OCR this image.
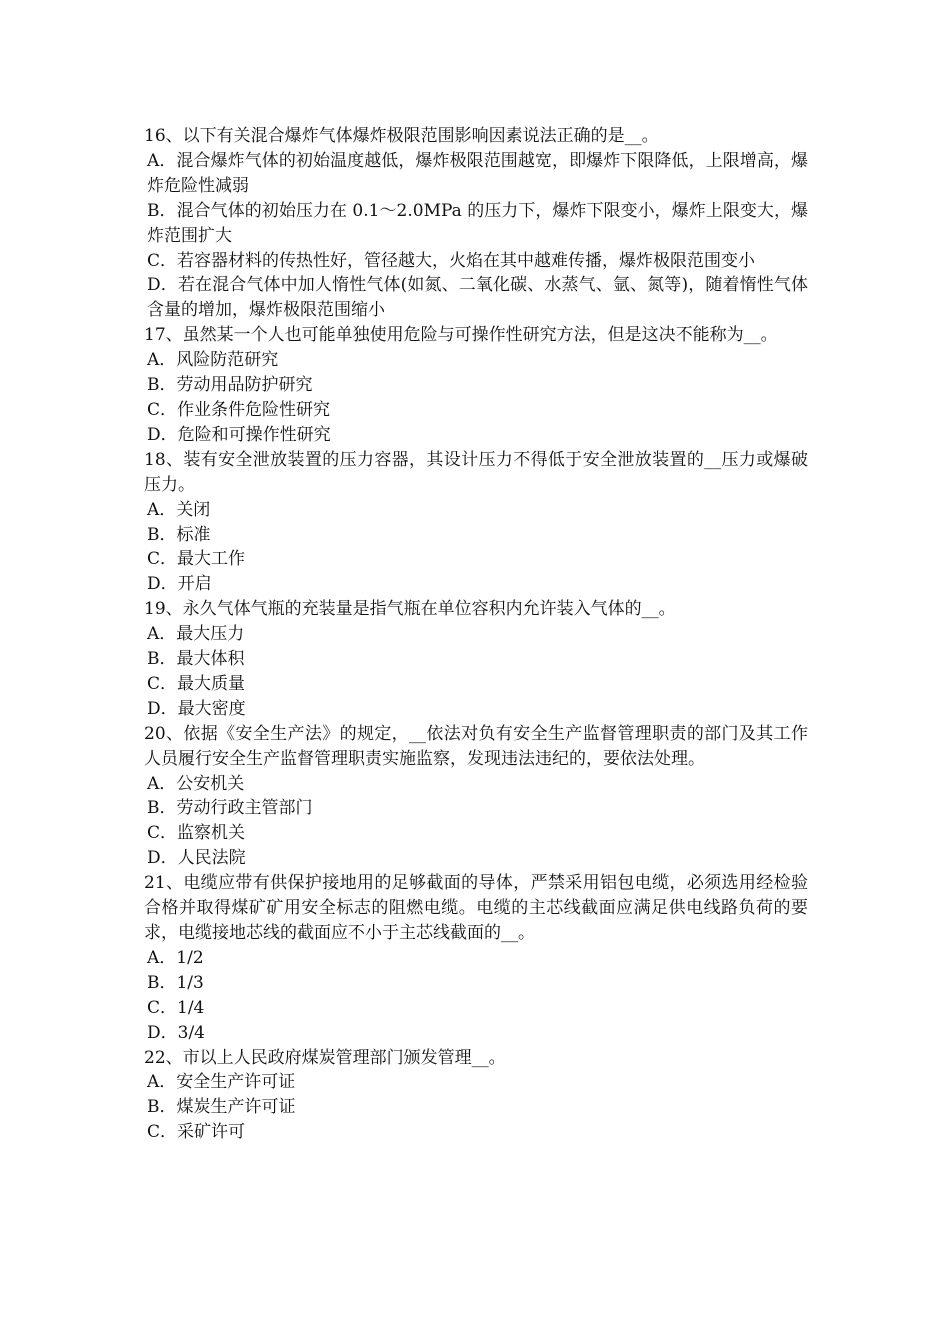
16、以下有关混合爆炸气体爆炸极限范围影响因素说法正确的是__。

A．混合爆炸气体的初始温度越低，爆炸极限范围越宽，即爆炸下限降低，上限增高，爆炸危险性减弱

B．混合气体的初始压力在 0.1～2.0MPa 的压力下，爆炸下限变小，爆炸上限变大，爆炸范围扩大

C．若容器材料的传热性好，管径越大，火焰在其中越难传播，爆炸极限范围变小

D．若在混合气体中加人惰性气体(如氮、二氧化碳、水蒸气、氩、氮等)，随着惰性气体含量的增加，爆炸极限范围缩小

17、虽然某一个人也可能单独使用危险与可操作性研究方法，但是这决不能称为__。

A．风险防范研究

B．劳动用品防护研究

C．作业条件危险性研究

D．危险和可操作性研究

18、装有安全泄放装置的压力容器，其设计压力不得低于安全泄放装置的__压力或爆破压力。

A．关闭

B．标准

C．最大工作

D．开启

19、永久气体气瓶的充装量是指气瓶在单位容积内允许装入气体的__。

A．最大压力

B．最大体积

C．最大质量

D．最大密度

20、依据《安全生产法》的规定，__依法对负有安全生产监督管理职责的部门及其工作人员履行安全生产监督管理职责实施监察，发现违法违纪的，要依法处理。

A．公安机关

B．劳动行政主管部门

C．监察机关

D．人民法院

21、电缆应带有供保护接地用的足够截面的导体，严禁采用铝包电缆，必须选用经检验合格并取得煤矿矿用安全标志的阻燃电缆。电缆的主芯线截面应满足供电线路负荷的要求，电缆接地芯线的截面应不小于主芯线截面的__。

A．1/2

B．1/3

C．1/4

D．3/4

22、市以上人民政府煤炭管理部门颁发管理__。

A．安全生产许可证

B．煤炭生产许可证

C．采矿许可
